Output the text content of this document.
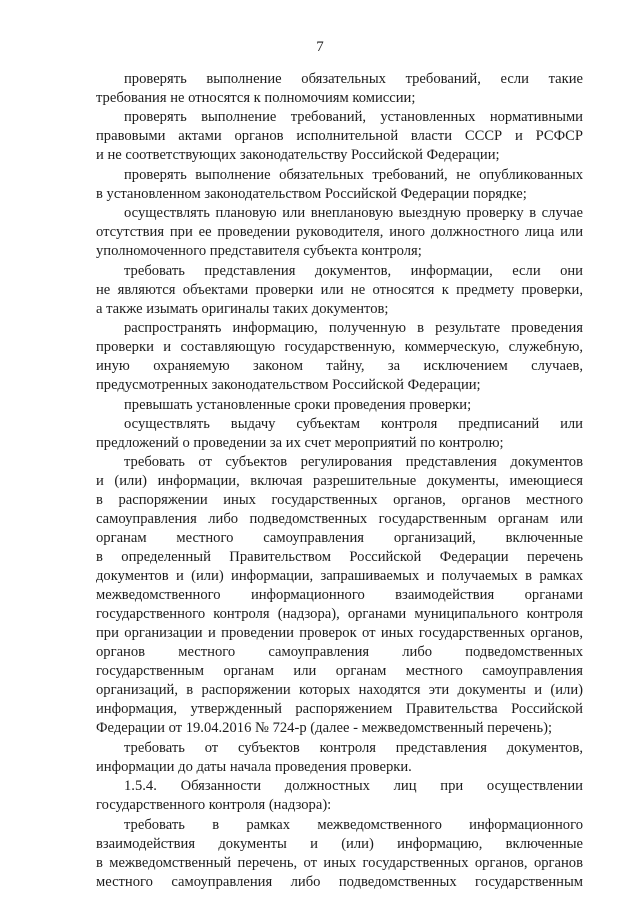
7
проверять выполнение обязательных требований, если такие
требования не относятся к полномочиям комиссии;
проверять выполнение требований, установленных нормативными
правовыми актами органов исполнительной власти СССР и РСФСР
и не соответствующих законодательству Российской Федерации;
проверять выполнение обязательных требований, не опубликованных
в установленном законодательством Российской Федерации порядке;
осуществлять плановую или внеплановую выездную проверку в случае
отсутствия при ее проведении руководителя, иного должностного лица или
уполномоченного представителя субъекта контроля;
требовать представления документов, информации, если они
не являются объектами проверки или не относятся к предмету проверки,
а также изымать оригиналы таких документов;
распространять информацию, полученную в результате проведения
проверки и составляющую государственную, коммерческую, служебную,
иную охраняемую законом тайну, за исключением случаев,
предусмотренных законодательством Российской Федерации;
превышать установленные сроки проведения проверки;
осуществлять выдачу субъектам контроля предписаний или
предложений о проведении за их счет мероприятий по контролю;
требовать от субъектов регулирования представления документов
и (или) информации, включая разрешительные документы, имеющиеся
в распоряжении иных государственных органов, органов местного
самоуправления либо подведомственных государственным органам или
органам местного самоуправления организаций, включенные
в определенный Правительством Российской Федерации перечень
документов и (или) информации, запрашиваемых и получаемых в рамках
межведомственного информационного взаимодействия органами
государственного контроля (надзора), органами муниципального контроля
при организации и проведении проверок от иных государственных органов,
органов местного самоуправления либо подведомственных
государственным органам или органам местного самоуправления
организаций, в распоряжении которых находятся эти документы и (или)
информация, утвержденный распоряжением Правительства Российской
Федерации от 19.04.2016 № 724-р (далее - межведомственный перечень);
требовать от субъектов контроля представления документов,
информации до даты начала проведения проверки.
1.5.4. Обязанности должностных лиц при осуществлении
государственного контроля (надзора):
требовать в рамках межведомственного информационного
взаимодействия документы и (или) информацию, включенные
в межведомственный перечень, от иных государственных органов, органов
местного самоуправления либо подведомственных государственным
